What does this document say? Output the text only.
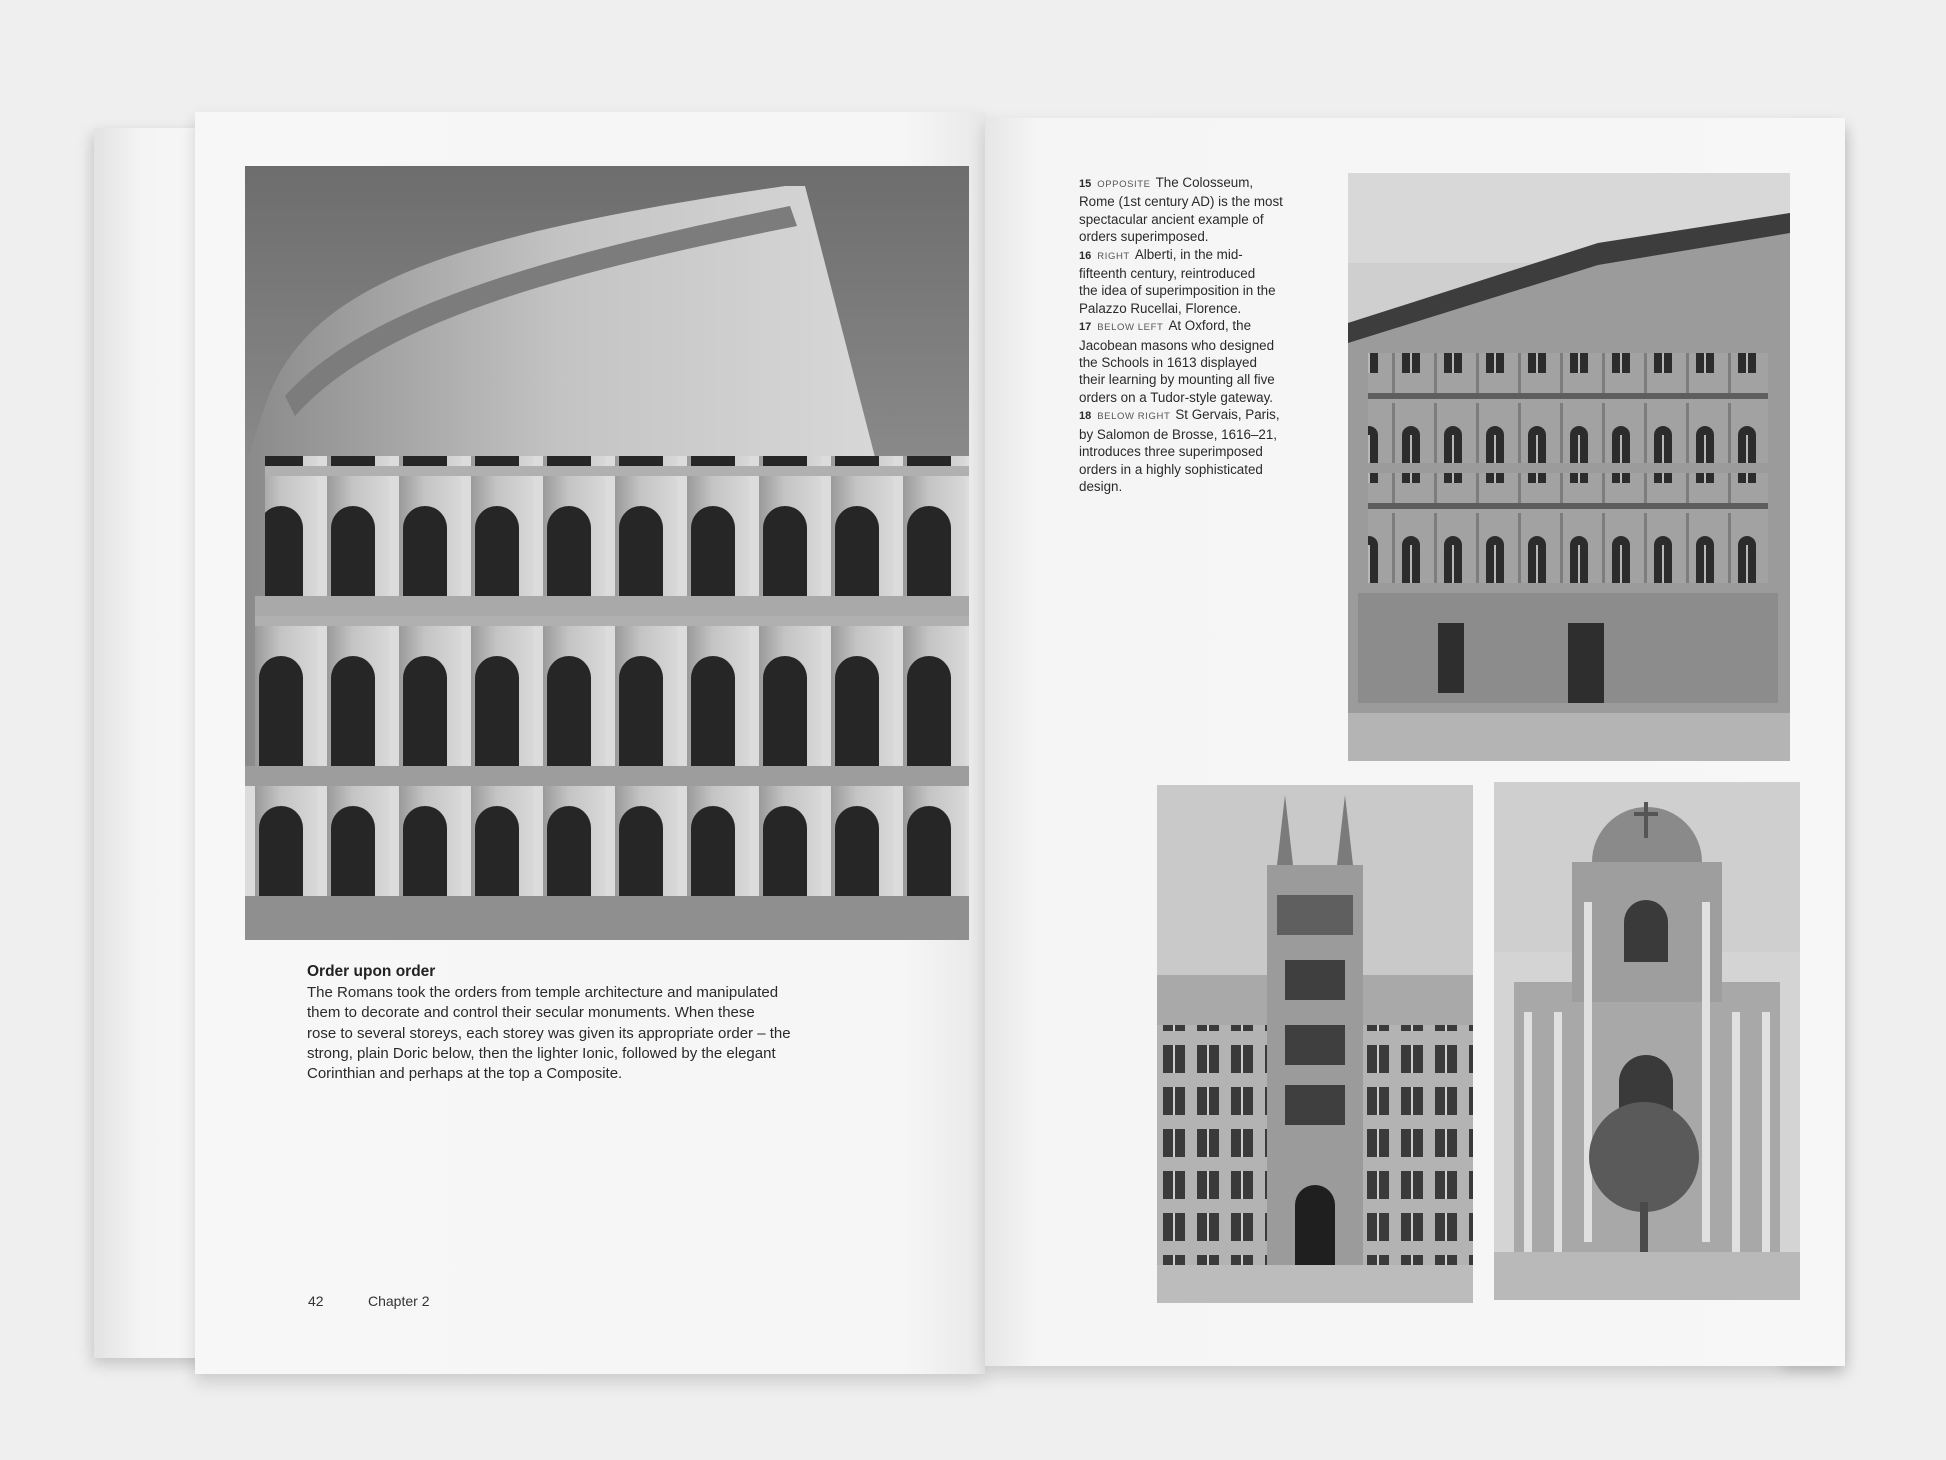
Order upon order
The Romans took the orders from temple architecture and manipulated
them to decorate and control their secular monuments. When these
rose to several storeys, each storey was given its appropriate order – the
strong, plain Doric below, then the lighter Ionic, followed by the elegant
Corinthian and perhaps at the top a Composite.
42	Chapter 2

15 OPPOSITE The Colosseum,
Rome (1st century AD) is the most
spectacular ancient example of
orders superimposed.

16 RIGHT Alberti, in the mid-
fifteenth century, reintroduced
the idea of superimposition in the
Palazzo Rucellai, Florence.

17 BELOW LEFT At Oxford, the
Jacobean masons who designed
the Schools in 1613 displayed
their learning by mounting all five
orders on a Tudor-style gateway.

18 BELOW RIGHT St Gervais, Paris,
by Salomon de Brosse, 1616–21,
introduces three superimposed
orders in a highly sophisticated
design.
